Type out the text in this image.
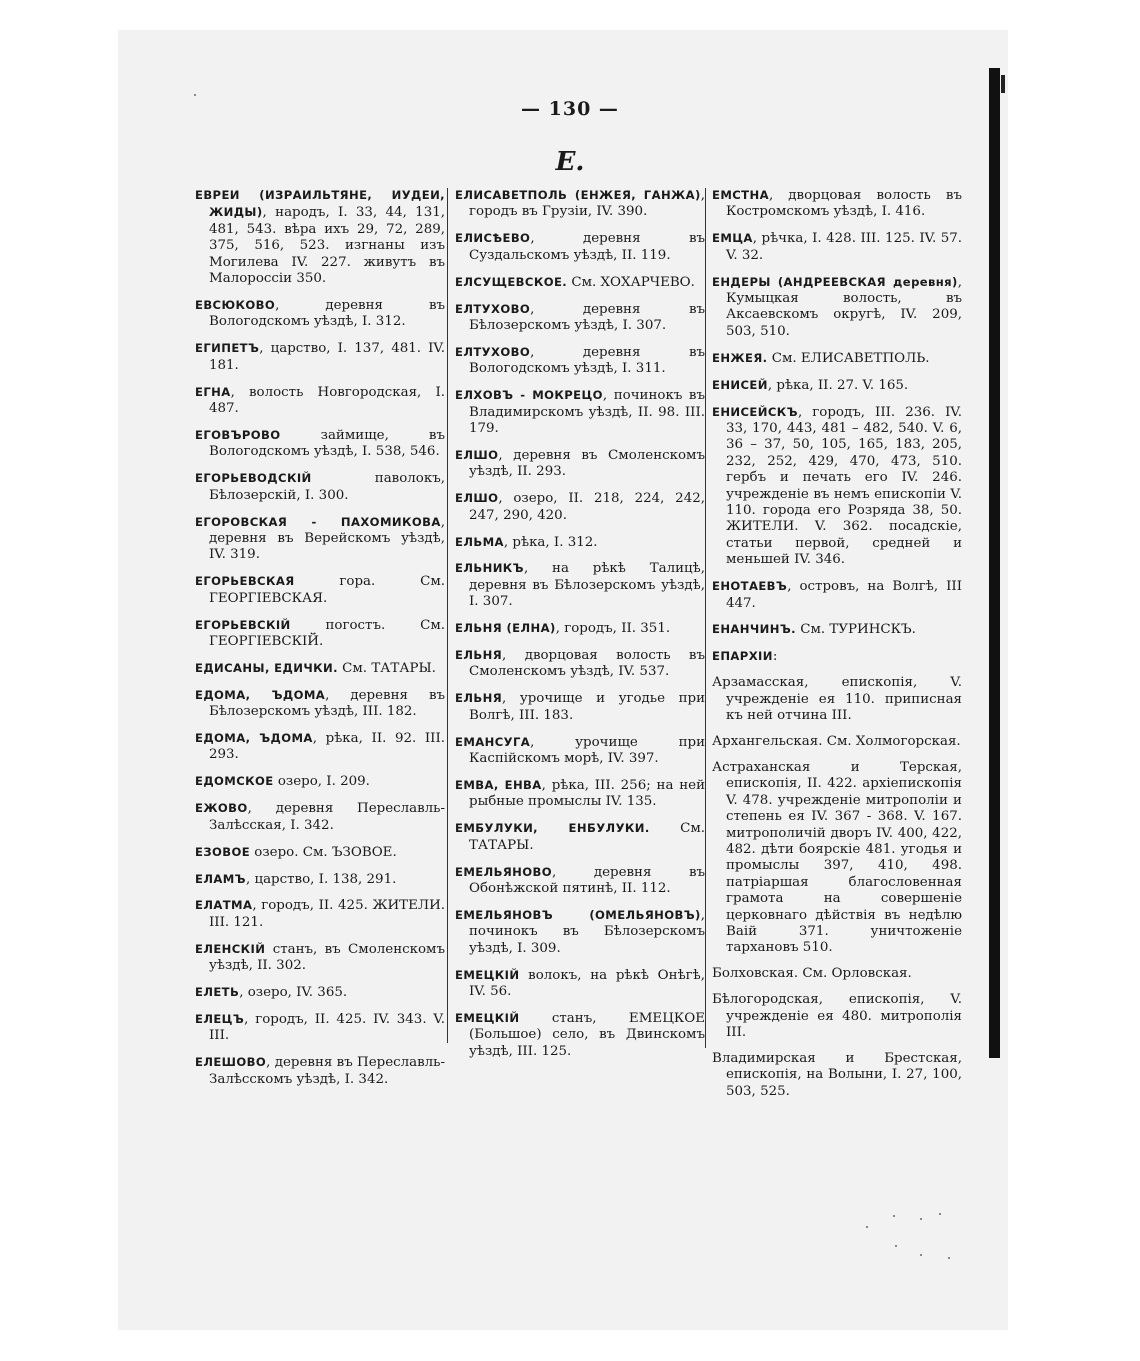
— 130 —
Е.

ЕВРЕИ (ИЗРАИЛЬТЯНЕ, ИУДЕИ, ЖИДЫ), народъ, I. 33, 44, 131, 481, 543. вѣра ихъ 29, 72, 289, 375, 516, 523. изгнаны изъ Могилева IV. 227. живутъ въ Малороссіи 350.

ЕВСЮКОВО, деревня въ Вологодскомъ уѣздѣ, I. 312.

ЕГИПЕТЪ, царство, I. 137, 481. IV. 181.

ЕГНА, волость Новгородская, I. 487.

ЕГОВЪРОВО займище, въ Вологодскомъ уѣздѣ, I. 538, 546.

ЕГОРЬЕВОДСКІЙ паволокъ, Бѣлозерскій, I. 300.

ЕГОРОВСКАЯ - ПАХОМИКОВА, деревня въ Верейскомъ уѣздѣ, IV. 319.

ЕГОРЬЕВСКАЯ гора. См. ГЕОРГІЕВСКАЯ.

ЕГОРЬЕВСКІЙ погостъ. См. ГЕОРГІЕВСКІЙ.

ЕДИСАНЫ, ЕДИЧКИ. См. ТАТАРЫ.

ЕДОМА, ЪДОМА, деревня въ Бѣлозерскомъ уѣздѣ, III. 182.

ЕДОМА, ЪДОМА, рѣка, II. 92. III. 293.

ЕДОМСКОЕ озеро, I. 209.

ЕЖОВО, деревня Переславль-Залѣсская, I. 342.

ЕЗОВОЕ озеро. См. ЪЗОВОЕ.

ЕЛАМЪ, царство, I. 138, 291.

ЕЛАТМА, городъ, II. 425. ЖИТЕЛИ. III. 121.

ЕЛЕНСКІЙ станъ, въ Смоленскомъ уѣздѣ, II. 302.

ЕЛЕТЬ, озеро, IV. 365.

ЕЛЕЦЪ, городъ, II. 425. IV. 343. V. III.

ЕЛЕШОВО, деревня въ Переславль-Залѣсскомъ уѣздѣ, I. 342.

ЕЛИСАВЕТПОЛЬ (ЕНЖЕЯ, ГАНЖА), городъ въ Грузіи, IV. 390.

ЕЛИСѢЕВО, деревня въ Суздальскомъ уѣздѣ, II. 119.

ЕЛСУЩЕВСКОЕ. См. ХОХАРЧЕВО.

ЕЛТУХОВО, деревня въ Бѣлозерскомъ уѣздѣ, I. 307.

ЕЛТУХОВО, деревня въ Вологодскомъ уѣздѣ, I. 311.

ЕЛХОВЪ - МОКРЕЦО, починокъ въ Владимирскомъ уѣздѣ, II. 98. III. 179.

ЕЛШО, деревня въ Смоленскомъ уѣздѣ, II. 293.

ЕЛШО, озеро, II. 218, 224, 242, 247, 290, 420.

ЕЛЬМА, рѣка, I. 312.

ЕЛЬНИКЪ, на рѣкѣ Талицѣ, деревня въ Бѣлозерскомъ уѣздѣ, I. 307.

ЕЛЬНЯ (ЕЛНА), городъ, II. 351.

ЕЛЬНЯ, дворцовая волость въ Смоленскомъ уѣздѣ, IV. 537.

ЕЛЬНЯ, урочище и угодье при Волгѣ, III. 183.

ЕМАНСУГА, урочище при Каспійскомъ морѣ, IV. 397.

ЕМВА, ЕНВА, рѣка, III. 256; на ней рыбные промыслы IV. 135.

ЕМБУЛУКИ, ЕНБУЛУКИ. См. ТАТАРЫ.

ЕМЕЛЬЯНОВО, деревня въ Обонѣжской пятинѣ, II. 112.

ЕМЕЛЬЯНОВЪ (ОМЕЛЬЯНОВЪ), починокъ въ Бѣлозерскомъ уѣздѣ, I. 309.

ЕМЕЦКІЙ волокъ, на рѣкѣ Онѣгѣ, IV. 56.

ЕМЕЦКІЙ станъ, ЕМЕЦКОЕ (Большое) село, въ Двинскомъ уѣздѣ, III. 125.

ЕМСТНА, дворцовая волость въ Костромскомъ уѣздѣ, I. 416.

ЕМЦА, рѣчка, I. 428. III. 125. IV. 57. V. 32.

ЕНДЕРЫ (АНДРЕЕВСКАЯ деревня), Кумыцкая волость, въ Аксаевскомъ округѣ, IV. 209, 503, 510.

ЕНЖЕЯ. См. ЕЛИСАВЕТПОЛЬ.

ЕНИСЕЙ, рѣка, II. 27. V. 165.

ЕНИСЕЙСКЪ, городъ, III. 236. IV. 33, 170, 443, 481 – 482, 540. V. 6, 36 – 37, 50, 105, 165, 183, 205, 232, 252, 429, 470, 473, 510. гербъ и печать его IV. 246. учрежденіе въ немъ епископіи V. 110. города его Розряда 38, 50. ЖИТЕЛИ. V. 362. посадскіе, статьи первой, средней и меньшей IV. 346.

ЕНОТАЕВЪ, островъ, на Волгѣ, III 447.

ЕНАНЧИНЪ. См. ТУРИНСКЪ.

ЕПАРХІИ:

Арзамасская, епископія, V. учрежденіе ея 110. приписная къ ней отчина III.

Архангельская. См. Холмогорская.

Астраханская и Терская, епископія, II. 422. архіепископія V. 478. учрежденіе митрополіи и степень ея IV. 367 - 368. V. 167. митрополичій дворъ IV. 400, 422, 482. дѣти боярскіе 481. угодья и промыслы 397, 410, 498. патріаршая благословенная грамота на совершеніе церковнаго дѣйствія въ недѣлю Ваій 371. уничтоженіе тархановъ 510.

Болховская. См. Орловская.

Бѣлогородская, епископія, V. учрежденіе ея 480. митрополія III.

Владимирская и Брестская, епископія, на Волыни, I. 27, 100, 503, 525.
